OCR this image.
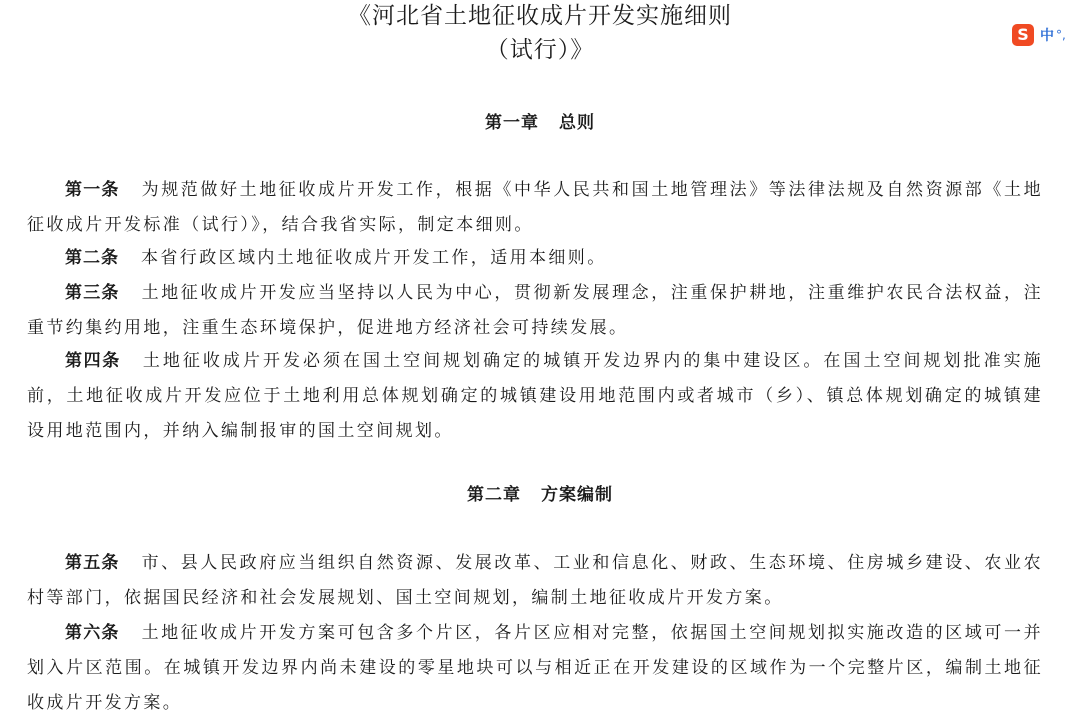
《河北省土地征收成片开发实施细则
（试行）》
第一章 总则

第一条 为规范做好土地征收成片开发工作，根据《中华人民共和国土地管理法》等法律法规及自然资源部《土地征收成片开发标准（试行）》，结合我省实际，制定本细则。

第二条 本省行政区域内土地征收成片开发工作，适用本细则。

第三条 土地征收成片开发应当坚持以人民为中心，贯彻新发展理念，注重保护耕地，注重维护农民合法权益，注重节约集约用地，注重生态环境保护，促进地方经济社会可持续发展。

第四条 土地征收成片开发必须在国土空间规划确定的城镇开发边界内的集中建设区。在国土空间规划批准实施前，土地征收成片开发应位于土地利用总体规划确定的城镇建设用地范围内或者城市（乡）、镇总体规划确定的城镇建设用地范围内，并纳入编制报审的国土空间规划。

第二章 方案编制

第五条 市、县人民政府应当组织自然资源、发展改革、工业和信息化、财政、生态环境、住房城乡建设、农业农村等部门，依据国民经济和社会发展规划、国土空间规划，编制土地征收成片开发方案。

第六条 土地征收成片开发方案可包含多个片区，各片区应相对完整，依据国土空间规划拟实施改造的区域可一并划入片区范围。在城镇开发边界内尚未建设的零星地块可以与相近正在开发建设的区域作为一个完整片区，编制土地征收成片开发方案。

S 中 °,
